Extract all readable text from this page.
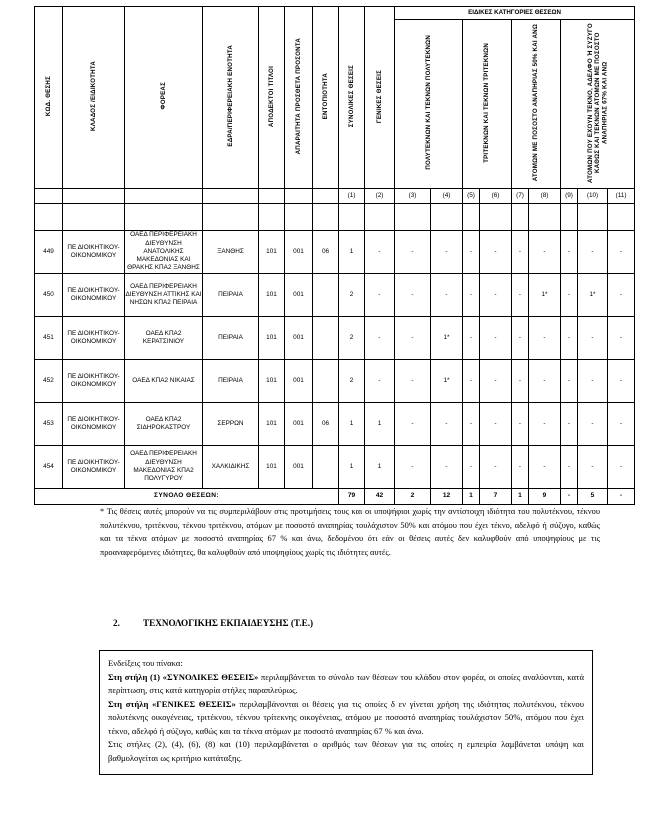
ΚΩΔ. ΘΕΣΗΣ	ΚΛΑΔΟΣ /ΕΙΔΙΚΟΤΗΤΑ	ΦΟΡΕΑΣ	ΕΔΡΑ/ΠΕΡΙΦΕΡΕΙΑΚΗ ΕΝΟΤΗΤΑ	ΑΠΟΔΕΚΤΟΙ ΤΙΤΛΟΙ	ΑΠΑΡΑΙΤΗΤΑ ΠΡΟΣΘΕΤΑ ΠΡΟΣΟΝΤΑ	ΕΝΤΟΠΙΟΤΗΤΑ	ΣΥΝΟΛΙΚΕΣ ΘΕΣΕΙΣ	ΓΕΝΙΚΕΣ ΘΕΣΕΙΣ	ΕΙΔΙΚΕΣ ΚΑΤΗΓΟΡΙΕΣ ΘΕΣΕΩΝ								
									ΠΟΛΥΤΕΚΝΩΝ ΚΑΙ ΤΕΚΝΩΝ ΠΟΛΥΤΕΚΝΩΝ		ΤΡΙΤΕΚΝΩΝ ΚΑΙ ΤΕΚΝΩΝ ΤΡΙΤΕΚΝΩΝ		ΑΤΟΜΩΝ ΜΕ ΠΟΣΟΣΤΟ ΑΝΑΠΗΡΙΑΣ 50% ΚΑΙ ΑΝΩ		ΑΤΟΜΩΝ ΠΟΥ ΕΧΟΥΝ ΤΕΚΝΟ, ΑΔΕΛΦΟ Ή ΣΥΖΥΓΟ ΚΑΘΩΣ ΚΑΙ ΤΕΚΝΩΝ ΑΤΟΜΩΝ ΜΕ ΠΟΣΟΣΤΟ ΑΝΑΠΗΡΙΑΣ 67% ΚΑΙ ΑΝΩ		
							(1)	(2)	(3)	(4)	(5)	(6)	(7)	(8)	(9)	(10)	(11)

449	ΠΕ ΔΙΟΙΚΗΤΙΚΟΥ-ΟΙΚΟΝΟΜΙΚΟΥ	ΟΑΕΔ ΠΕΡΙΦΕΡΕΙΑΚΗ ΔΙΕΥΘΥΝΣΗ ΑΝΑΤΟΛΙΚΗΣ ΜΑΚΕΔΟΝΙΑΣ ΚΑΙ ΘΡΑΚΗΣ ΚΠΑ2 ΞΑΝΘΗΣ	ΞΑΝΘΗΣ	101	001	06	1	-	-	-	-	-	-	-	-	-	-
450	ΠΕ ΔΙΟΙΚΗΤΙΚΟΥ-ΟΙΚΟΝΟΜΙΚΟΥ	ΟΑΕΔ ΠΕΡΙΦΕΡΕΙΑΚΗ ΔΙΕΥΘΥΝΣΗ ΑΤΤΙΚΗΣ ΚΑΙ ΝΗΣΩΝ ΚΠΑ2 ΠΕΙΡΑΙΑ	ΠΕΙΡΑΙΑ	101	001		2	-	-	-	-	-	-	1*	-	1*	-
451	ΠΕ ΔΙΟΙΚΗΤΙΚΟΥ-ΟΙΚΟΝΟΜΙΚΟΥ	ΟΑΕΔ ΚΠΑ2 ΚΕΡΑΤΣΙΝΙΟΥ	ΠΕΙΡΑΙΑ	101	001		2	-	-	1*	-	-	-	-	-	-	-
452	ΠΕ ΔΙΟΙΚΗΤΙΚΟΥ-ΟΙΚΟΝΟΜΙΚΟΥ	ΟΑΕΔ ΚΠΑ2 ΝΙΚΑΙΑΣ	ΠΕΙΡΑΙΑ	101	001		2	-	-	1*	-	-	-	-	-	-	-
453	ΠΕ ΔΙΟΙΚΗΤΙΚΟΥ-ΟΙΚΟΝΟΜΙΚΟΥ	ΟΑΕΔ ΚΠΑ2 ΣΙΔΗΡΟΚΑΣΤΡΟΥ	ΣΕΡΡΩΝ	101	001	06	1	1	-	-	-	-	-	-	-	-	-
454	ΠΕ ΔΙΟΙΚΗΤΙΚΟΥ-ΟΙΚΟΝΟΜΙΚΟΥ	ΟΑΕΔ ΠΕΡΙΦΕΡΕΙΑΚΗ ΔΙΕΥΘΥΝΣΗ ΜΑΚΕΔΟΝΙΑΣ ΚΠΑ2 ΠΟΛΥΓΥΡΟΥ	ΧΑΛΚΙΔΙΚΗΣ	101	001		1	1	-	-	-	-	-	-	-	-	-
ΣΥΝΟΛΟ ΘΕΣΕΩΝ:							79	42	2	12	1	7	1	9	-	5	-
* Τις θέσεις αυτές μπορούν να τις συμπεριλάβουν στις προτιμήσεις τους και οι υποψήφιοι χωρίς την αντίστοιχη ιδιότητα του πολυτέκνου, τέκνου πολυτέκνου, τριτέκνου, τέκνου τριτέκνου, ατόμων με ποσοστό αναπηρίας τουλάχιστον 50% και ατόμου που έχει τέκνο, αδελφό ή σύζυγο, καθώς και τα τέκνα ατόμων με ποσοστό αναπηρίας 67 % και άνω, δεδομένου ότι εάν οι θέσεις αυτές δεν καλυφθούν από υποψηφίους με τις προαναφερόμενες ιδιότητες, θα καλυφθούν από υποψηφίους χωρίς τις ιδιότητες αυτές.
2.	ΤΕΧΝΟΛΟΓΙΚΗΣ ΕΚΠΑΙΔΕΥΣΗΣ (Τ.Ε.)

Ενδείξεις του πίνακα:

Στη στήλη (1) «ΣΥΝΟΛΙΚΕΣ ΘΕΣΕΙΣ» περιλαμβάνεται το σύνολο των θέσεων του κλάδου στον φορέα, οι οποίες αναλύονται, κατά περίπτωση, στις κατά κατηγορία στήλες παραπλεύρως.

Στη στήλη «ΓΕΝΙΚΕΣ ΘΕΣΕΙΣ» περιλαμβάνονται οι θέσεις για τις οποίες δ εν γίνεται χρήση της ιδιότητας πολυτέκνου, τέκνου πολυτέκνης οικογένειας, τριτέκνου, τέκνου τρίτεκνης οικογένειας, ατόμου με ποσοστό αναπηρίας τουλάχιστον 50%, ατόμου που έχει τέκνο, αδελφό ή σύζυγο, καθώς και τα τέκνα ατόμων με ποσοστό αναπηρίας 67 % και άνω.

Στις στήλες (2), (4), (6), (8) και (10) περιλαμβάνεται ο αριθμός των θέσεων για τις οποίες η εμπειρία λαμβάνεται υπόψη και βαθμολογείται ως κριτήριο κατάταξης.
